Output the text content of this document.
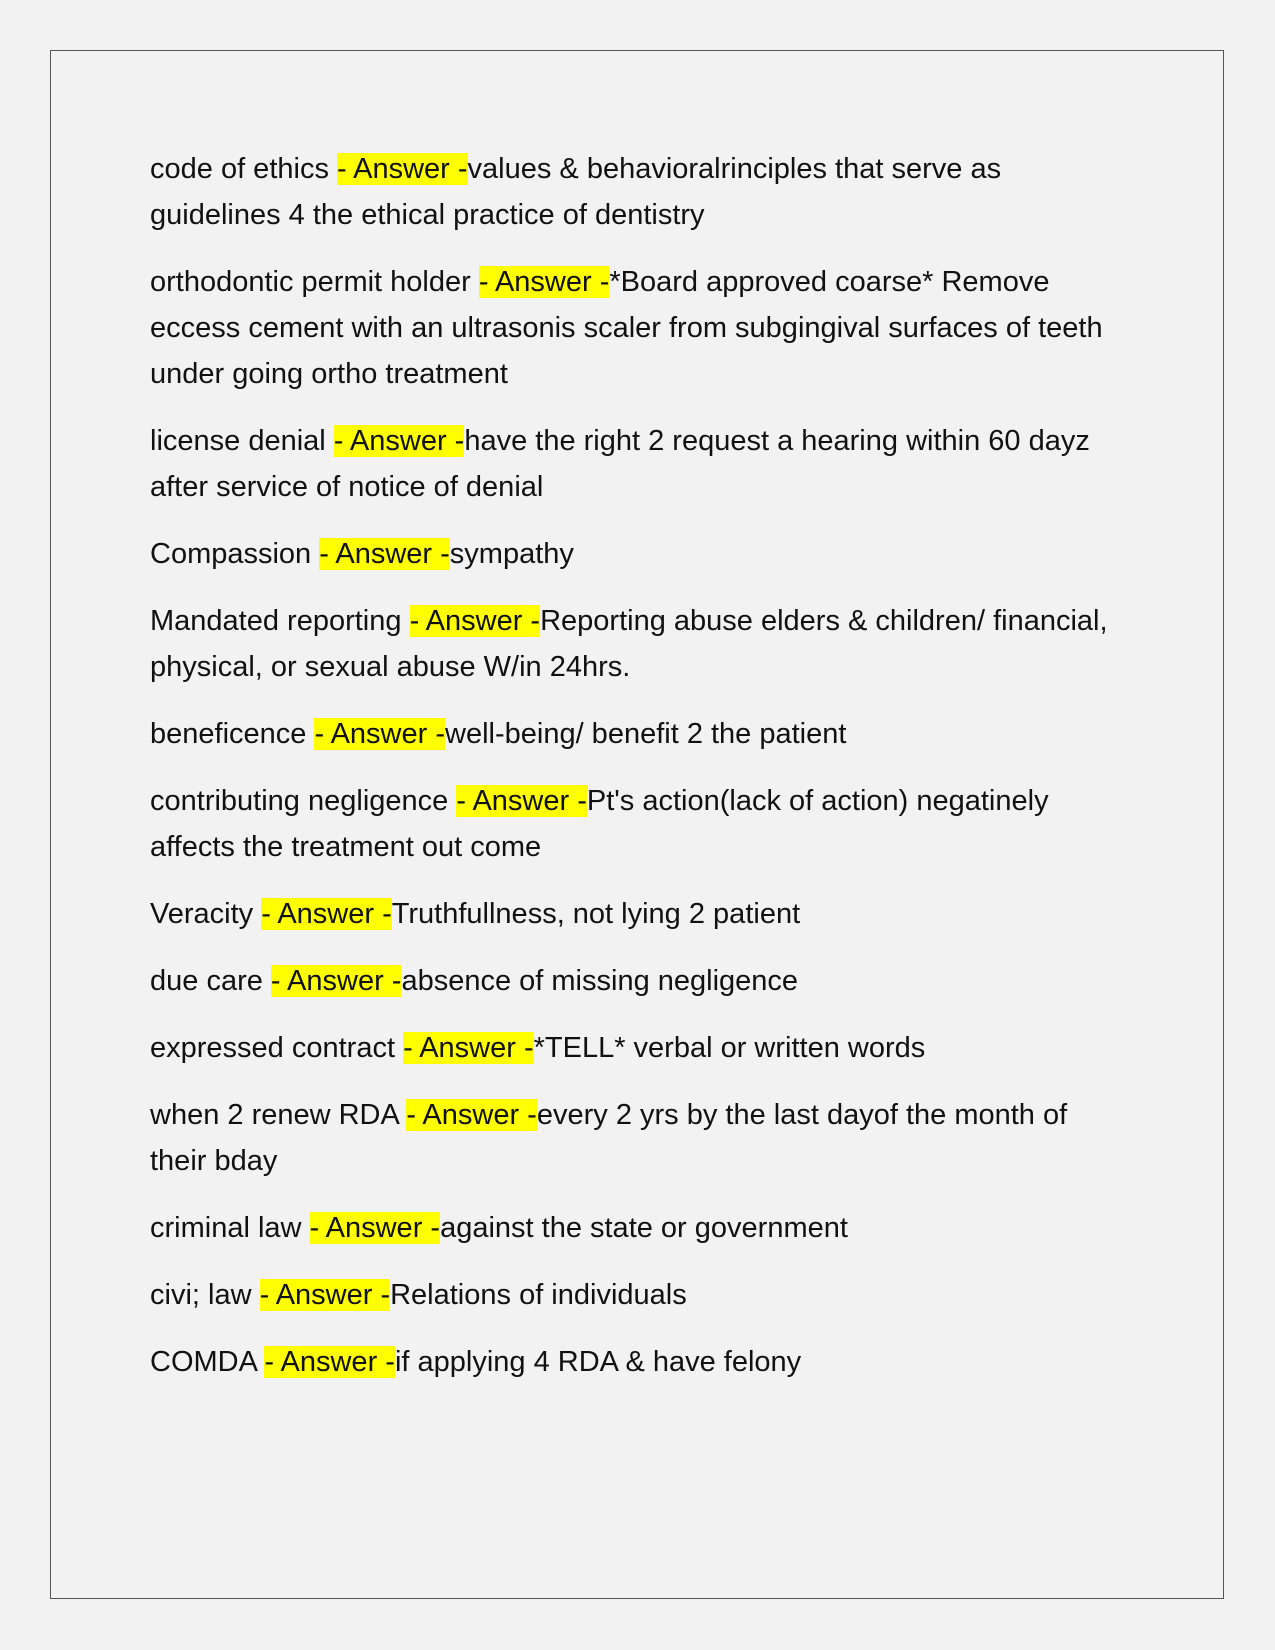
code of ethics - Answer -values & behavioralrinciples that serve as guidelines 4 the ethical practice of dentistry

orthodontic permit holder - Answer -*Board approved coarse* Remove eccess cement with an ultrasonis scaler from subgingival surfaces of teeth under going ortho treatment

license denial - Answer -have the right 2 request a hearing within 60 dayz after service of notice of denial

Compassion - Answer -sympathy

Mandated reporting - Answer -Reporting abuse elders & children/ financial, physical, or sexual abuse W/in 24hrs.

beneficence - Answer -well-being/ benefit 2 the patient

contributing negligence - Answer -Pt's action(lack of action) negatinely affects the treatment out come

Veracity - Answer -Truthfullness, not lying 2 patient

due care - Answer -absence of missing negligence

expressed contract - Answer -*TELL* verbal or written words

when 2 renew RDA - Answer -every 2 yrs by the last dayof the month of their bday

criminal law - Answer -against the state or government

civi; law - Answer -Relations of individuals

COMDA - Answer -if applying 4 RDA & have felony
